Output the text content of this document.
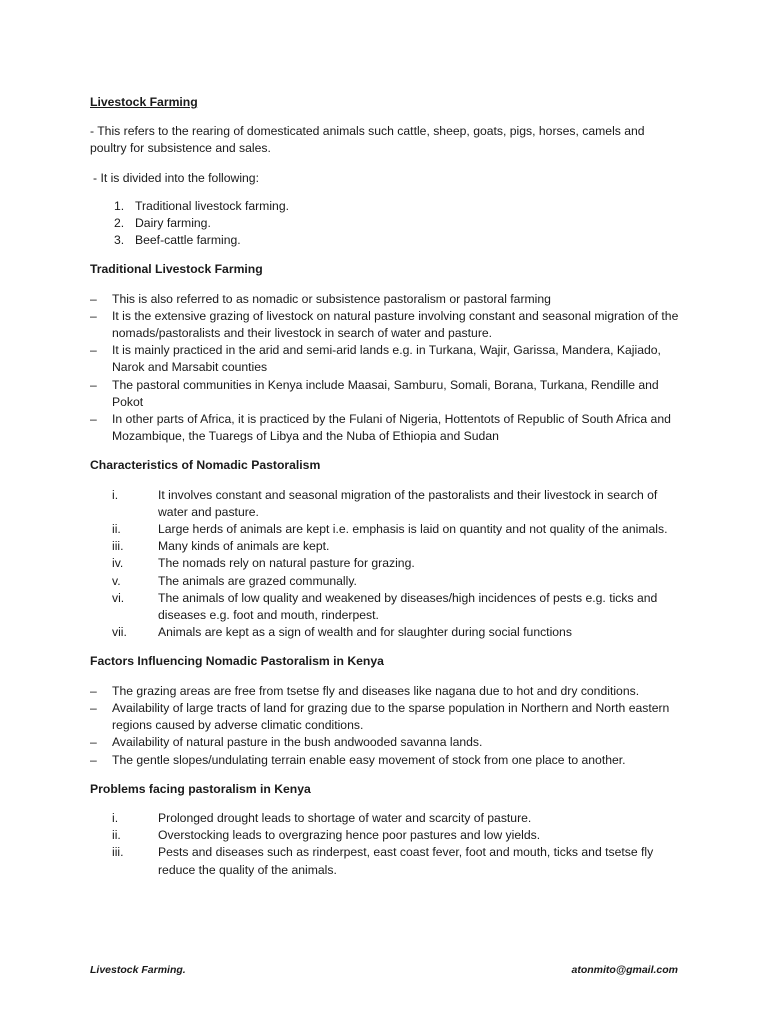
Livestock Farming
- This refers to the rearing of domesticated animals such cattle, sheep, goats, pigs, horses, camels and poultry for subsistence and sales.
- It is divided into the following:
1. Traditional livestock farming.
2. Dairy farming.
3. Beef-cattle farming.
Traditional Livestock Farming
– This is also referred to as nomadic or subsistence pastoralism or pastoral farming
– It is the extensive grazing of livestock on natural pasture involving constant and seasonal migration of the nomads/pastoralists and their livestock in search of water and pasture.
– It is mainly practiced in the arid and semi-arid lands e.g. in Turkana, Wajir, Garissa, Mandera, Kajiado, Narok and Marsabit counties
– The pastoral communities in Kenya include Maasai, Samburu, Somali, Borana, Turkana, Rendille and Pokot
– In other parts of Africa, it is practiced by the Fulani of Nigeria, Hottentots of Republic of South Africa and Mozambique, the Tuaregs of Libya and the Nuba of Ethiopia and Sudan
Characteristics of Nomadic Pastoralism
i.	It involves constant and seasonal migration of the pastoralists and their livestock in search of water and pasture.
ii.	Large herds of animals are kept i.e. emphasis is laid on quantity and not quality of the animals.
iii.	Many kinds of animals are kept.
iv.	The nomads rely on natural pasture for grazing.
v.	The animals are grazed communally.
vi.	The animals of low quality and weakened by diseases/high incidences of pests e.g. ticks and diseases e.g. foot and mouth, rinderpest.
vii.	Animals are kept as a sign of wealth and for slaughter during social functions
Factors Influencing Nomadic Pastoralism in Kenya
– The grazing areas are free from tsetse fly and diseases like nagana due to hot and dry conditions.
– Availability of large tracts of land for grazing due to the sparse population in Northern and North eastern regions caused by adverse climatic conditions.
– Availability of natural pasture in the bush andwooded savanna lands.
– The gentle slopes/undulating terrain enable easy movement of stock from one place to another.
Problems facing pastoralism in Kenya
i.	Prolonged drought leads to shortage of water and scarcity of pasture.
ii.	Overstocking leads to overgrazing hence poor pastures and low yields.
iii.	Pests and diseases such as rinderpest, east coast fever, foot and mouth, ticks and tsetse fly reduce the quality of the animals.
Livestock Farming.	atonmito@gmail.com
